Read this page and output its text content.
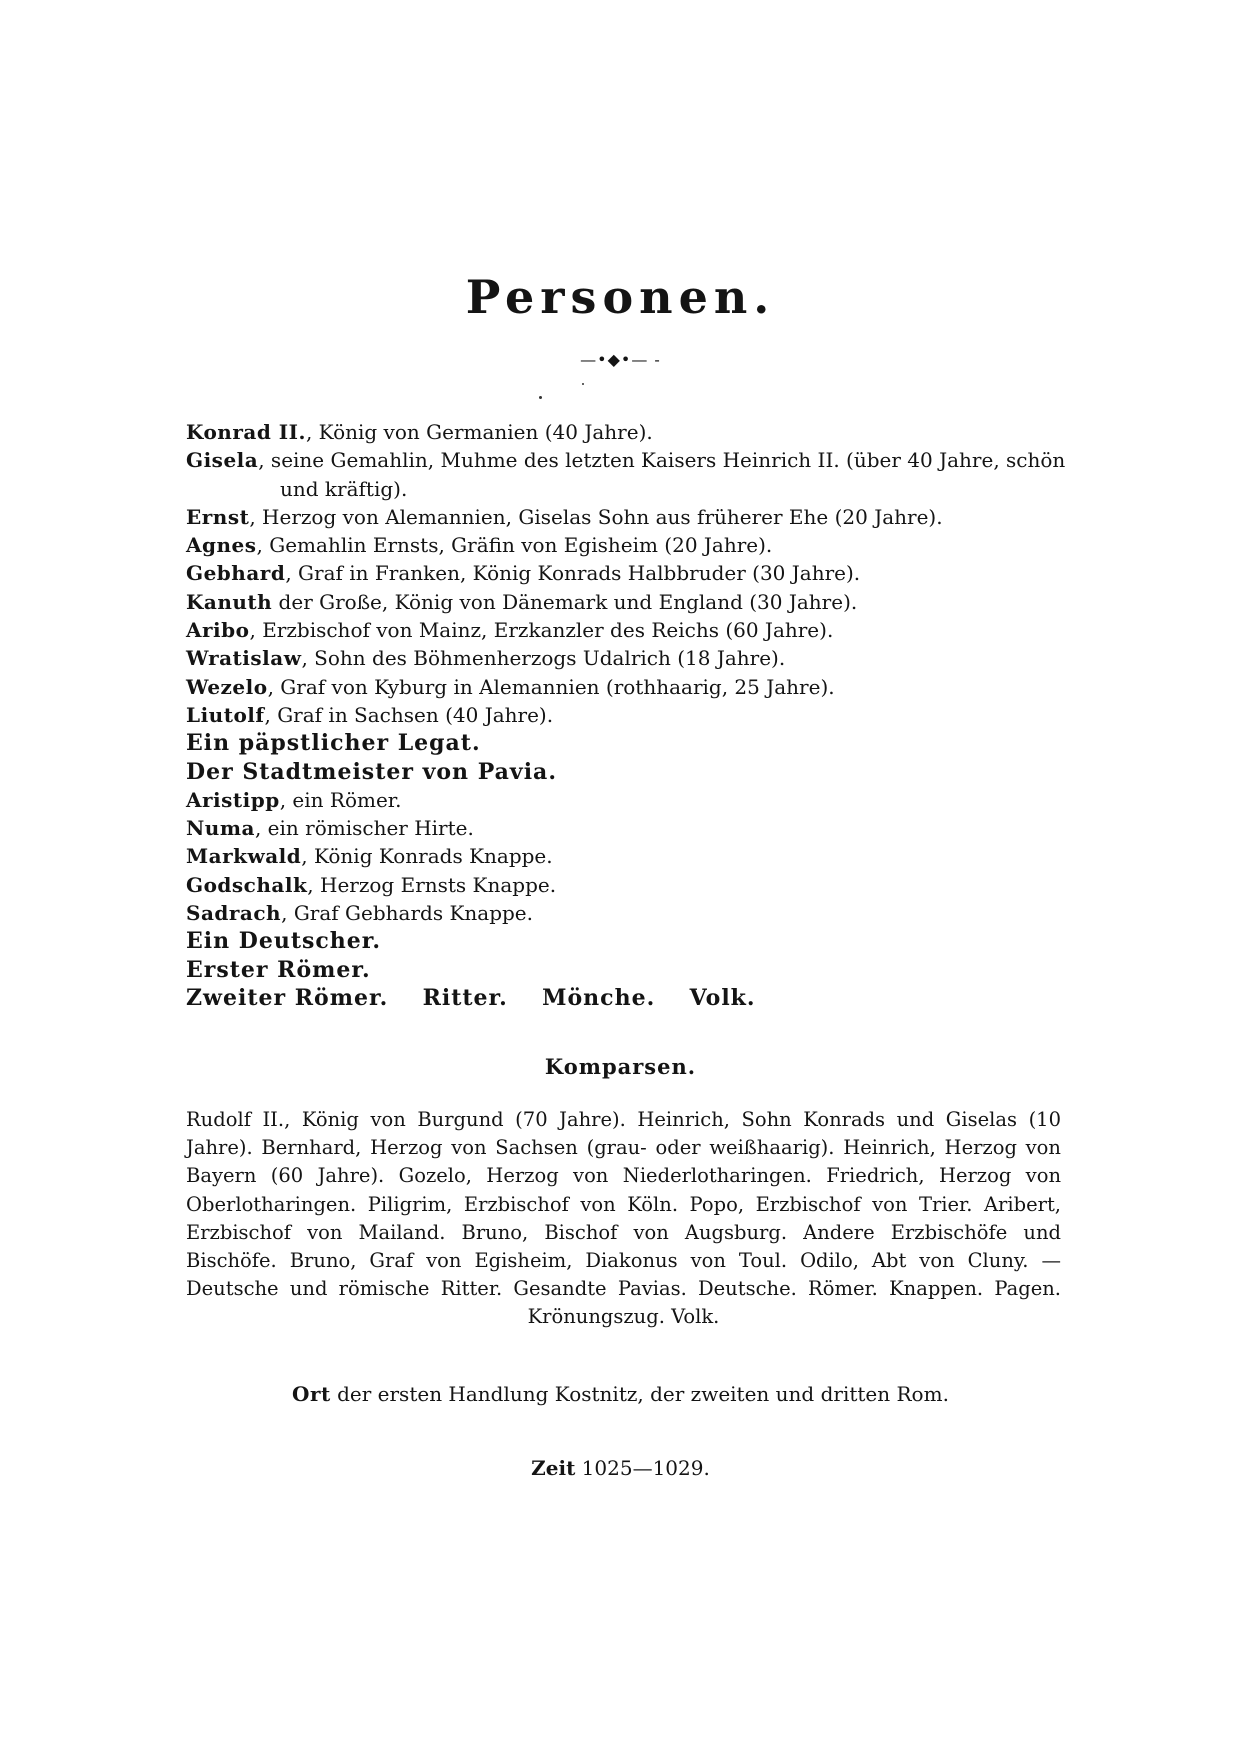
Personen.
—•◆•— -
Konrad II., König von Germanien (40 Jahre).
Gisela, seine Gemahlin, Muhme des letzten Kaisers Heinrich II. (über 40 Jahre, schön und kräftig).
Ernst, Herzog von Alemannien, Giselas Sohn aus früherer Ehe (20 Jahre).
Agnes, Gemahlin Ernsts, Gräfin von Egisheim (20 Jahre).
Gebhard, Graf in Franken, König Konrads Halbbruder (30 Jahre).
Kanuth der Große, König von Dänemark und England (30 Jahre).
Aribo, Erzbischof von Mainz, Erzkanzler des Reichs (60 Jahre).
Wratislaw, Sohn des Böhmenherzogs Udalrich (18 Jahre).
Wezelo, Graf von Kyburg in Alemannien (rothhaarig, 25 Jahre).
Liutolf, Graf in Sachsen (40 Jahre).
Ein päpstlicher Legat.
Der Stadtmeister von Pavia.
Aristipp, ein Römer.
Numa, ein römischer Hirte.
Markwald, König Konrads Knappe.
Godschalk, Herzog Ernsts Knappe.
Sadrach, Graf Gebhards Knappe.
Ein Deutscher.
Erster Römer.
Zweiter Römer. Ritter. Mönche. Volk.
Komparsen.
Rudolf II., König von Burgund (70 Jahre). Heinrich, Sohn Konrads und Giselas (10 Jahre). Bernhard, Herzog von Sachsen (grau- oder weißhaarig). Heinrich, Herzog von Bayern (60 Jahre). Gozelo, Herzog von Niederlotharingen. Friedrich, Herzog von Oberlotharingen. Piligrim, Erzbischof von Köln. Popo, Erzbischof von Trier. Aribert, Erzbischof von Mailand. Bruno, Bischof von Augsburg. Andere Erzbischöfe und Bischöfe. Bruno, Graf von Egisheim, Diakonus von Toul. Odilo, Abt von Cluny. — Deutsche und römische Ritter. Gesandte Pavias. Deutsche. Römer. Knappen. Pagen. Krönungszug. Volk.
Ort der ersten Handlung Kostnitz, der zweiten und dritten Rom.
Zeit 1025—1029.
